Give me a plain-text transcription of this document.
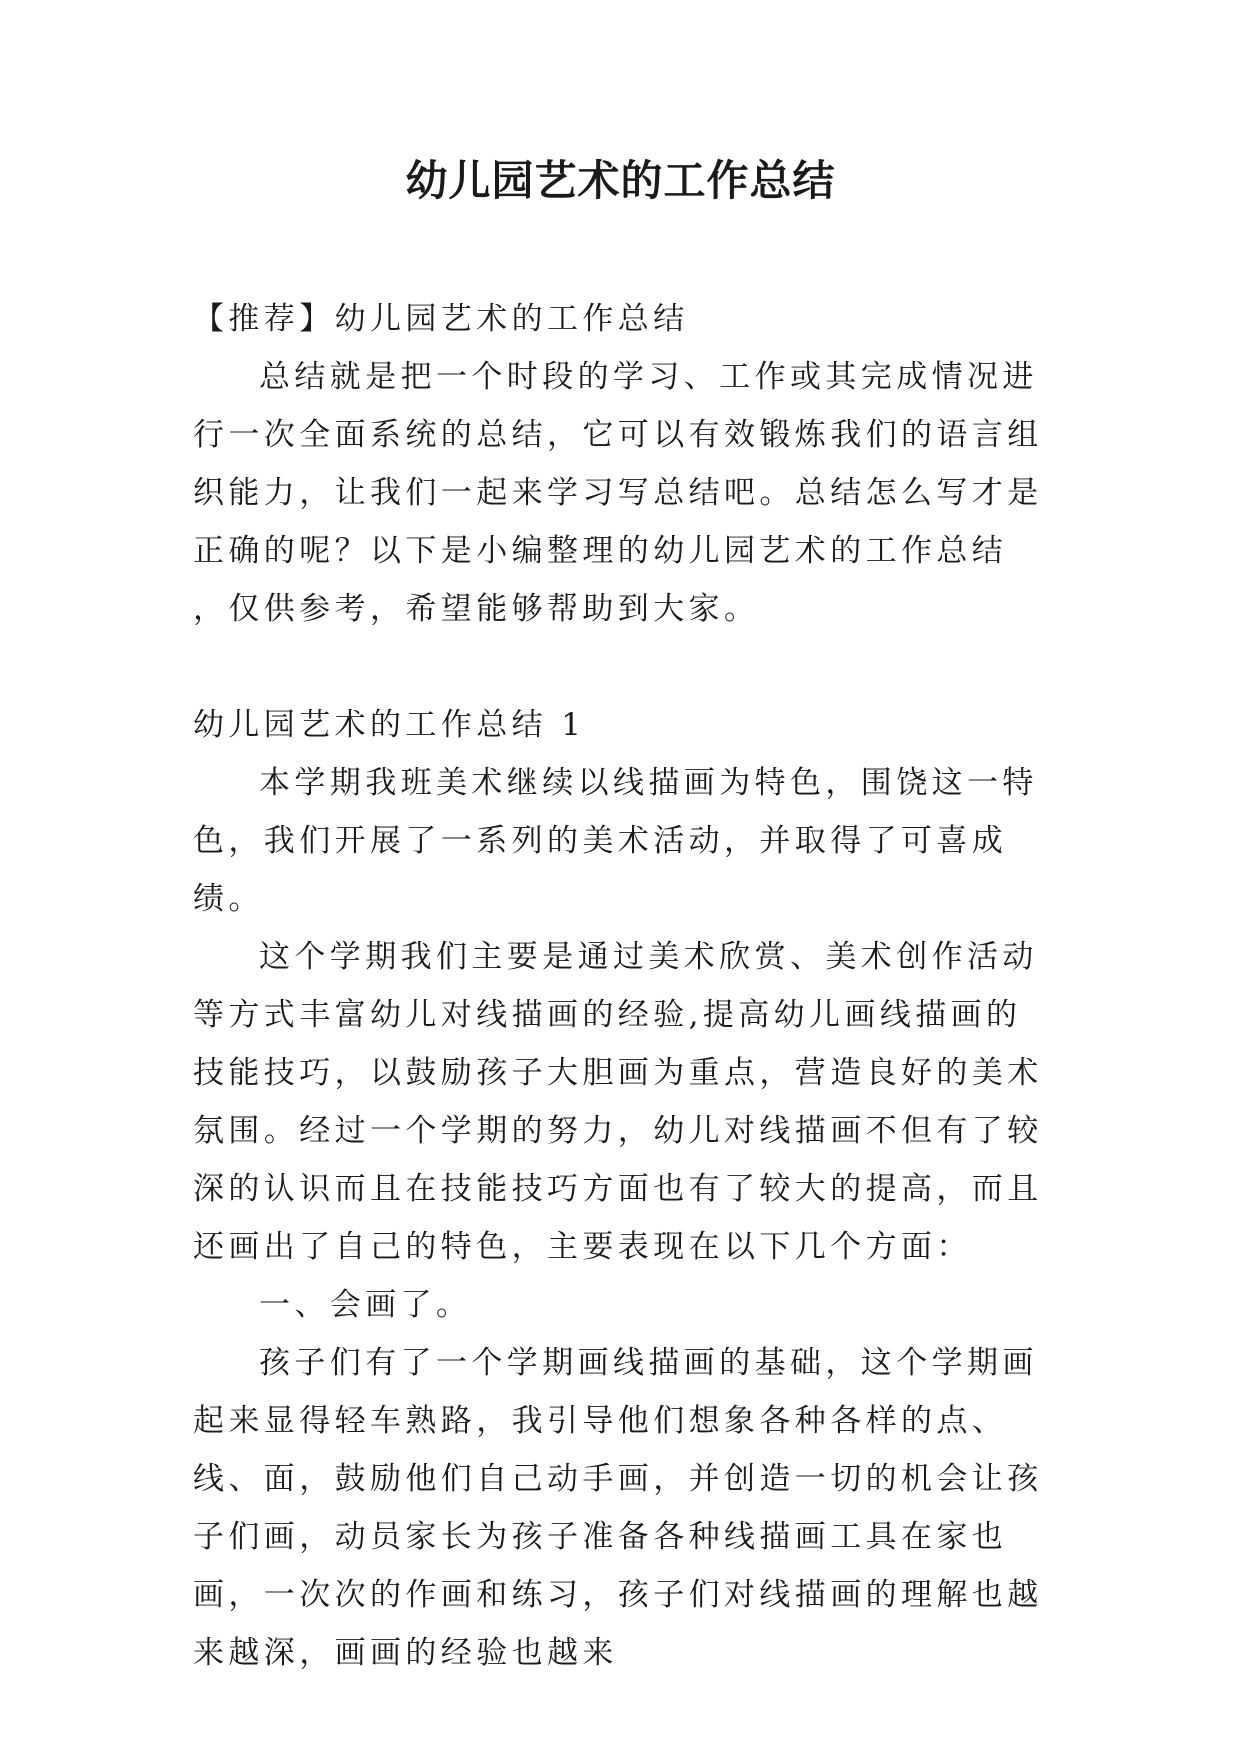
幼儿园艺术的工作总结

【推荐】幼儿园艺术的工作总结

总结就是把一个时段的学习、工作或其完成情况进行一次全面系统的总结，它可以有效锻炼我们的语言组织能力，让我们一起来学习写总结吧。总结怎么写才是正确的呢？以下是小编整理的幼儿园艺术的工作总结 ，仅供参考，希望能够帮助到大家。

幼儿园艺术的工作总结 1

本学期我班美术继续以线描画为特色，围饶这一特色，我们开展了一系列的美术活动，并取得了可喜成绩。

这个学期我们主要是通过美术欣赏、美术创作活动等方式丰富幼儿对线描画的经验,提高幼儿画线描画的技能技巧，以鼓励孩子大胆画为重点，营造良好的美术氛围。经过一个学期的努力，幼儿对线描画不但有了较深的认识而且在技能技巧方面也有了较大的提高，而且还画出了自己的特色，主要表现在以下几个方面：

一、会画了。

孩子们有了一个学期画线描画的基础，这个学期画起来显得轻车熟路，我引导他们想象各种各样的点、线、面，鼓励他们自己动手画，并创造一切的机会让孩子们画，动员家长为孩子准备各种线描画工具在家也画，一次次的作画和练习，孩子们对线描画的理解也越来越深，画画的经验也越来
